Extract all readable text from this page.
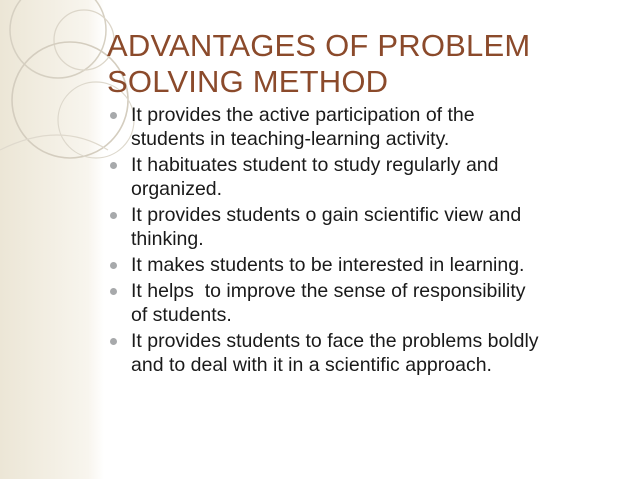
ADVANTAGES OF PROBLEM
SOLVING METHOD
It provides the active participation of the
students in teaching-learning activity.
It habituates student to study regularly and
organized.
It provides students o gain scientific view and
thinking.
It makes students to be interested in learning.
It helps  to improve the sense of responsibility
of students.
It provides students to face the problems boldly
and to deal with it in a scientific approach.
